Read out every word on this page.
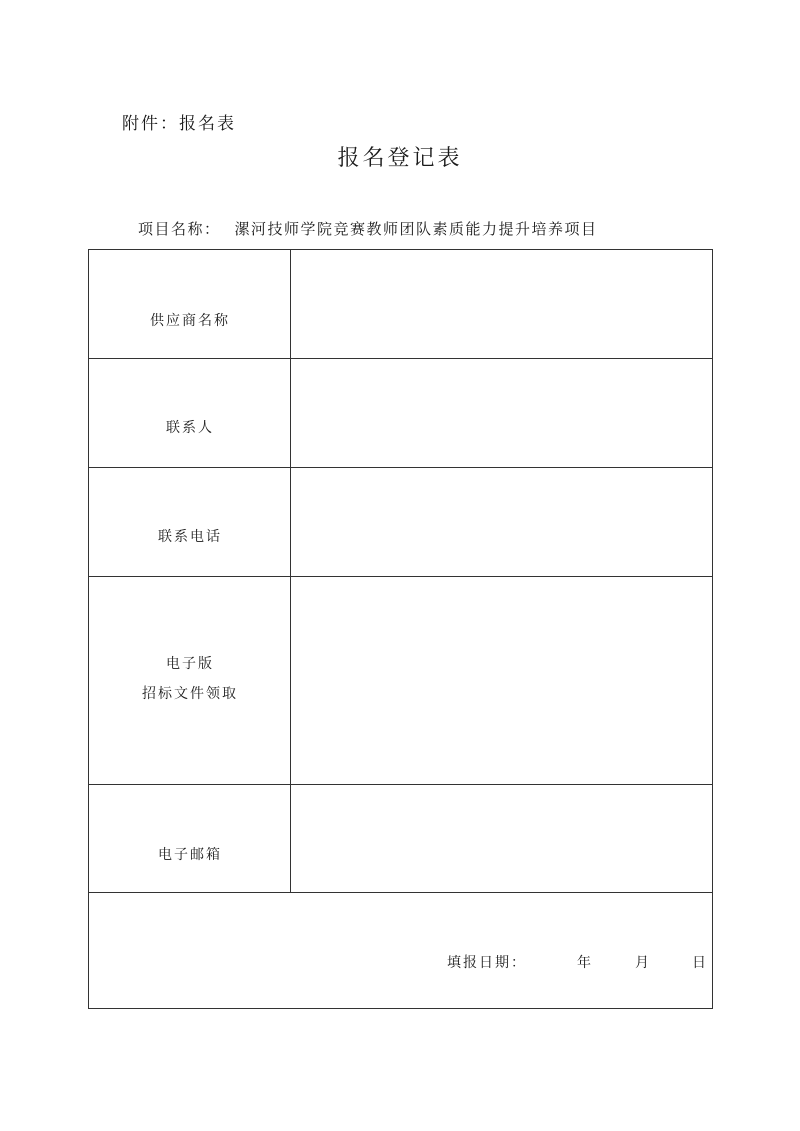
附件：报名表
报名登记表
项目名称： 漯河技师学院竞赛教师团队素质能力提升培养项目
供应商名称
联系人
联系电话
电子版
招标文件领取
电子邮箱
填报日期：	年	月	日
